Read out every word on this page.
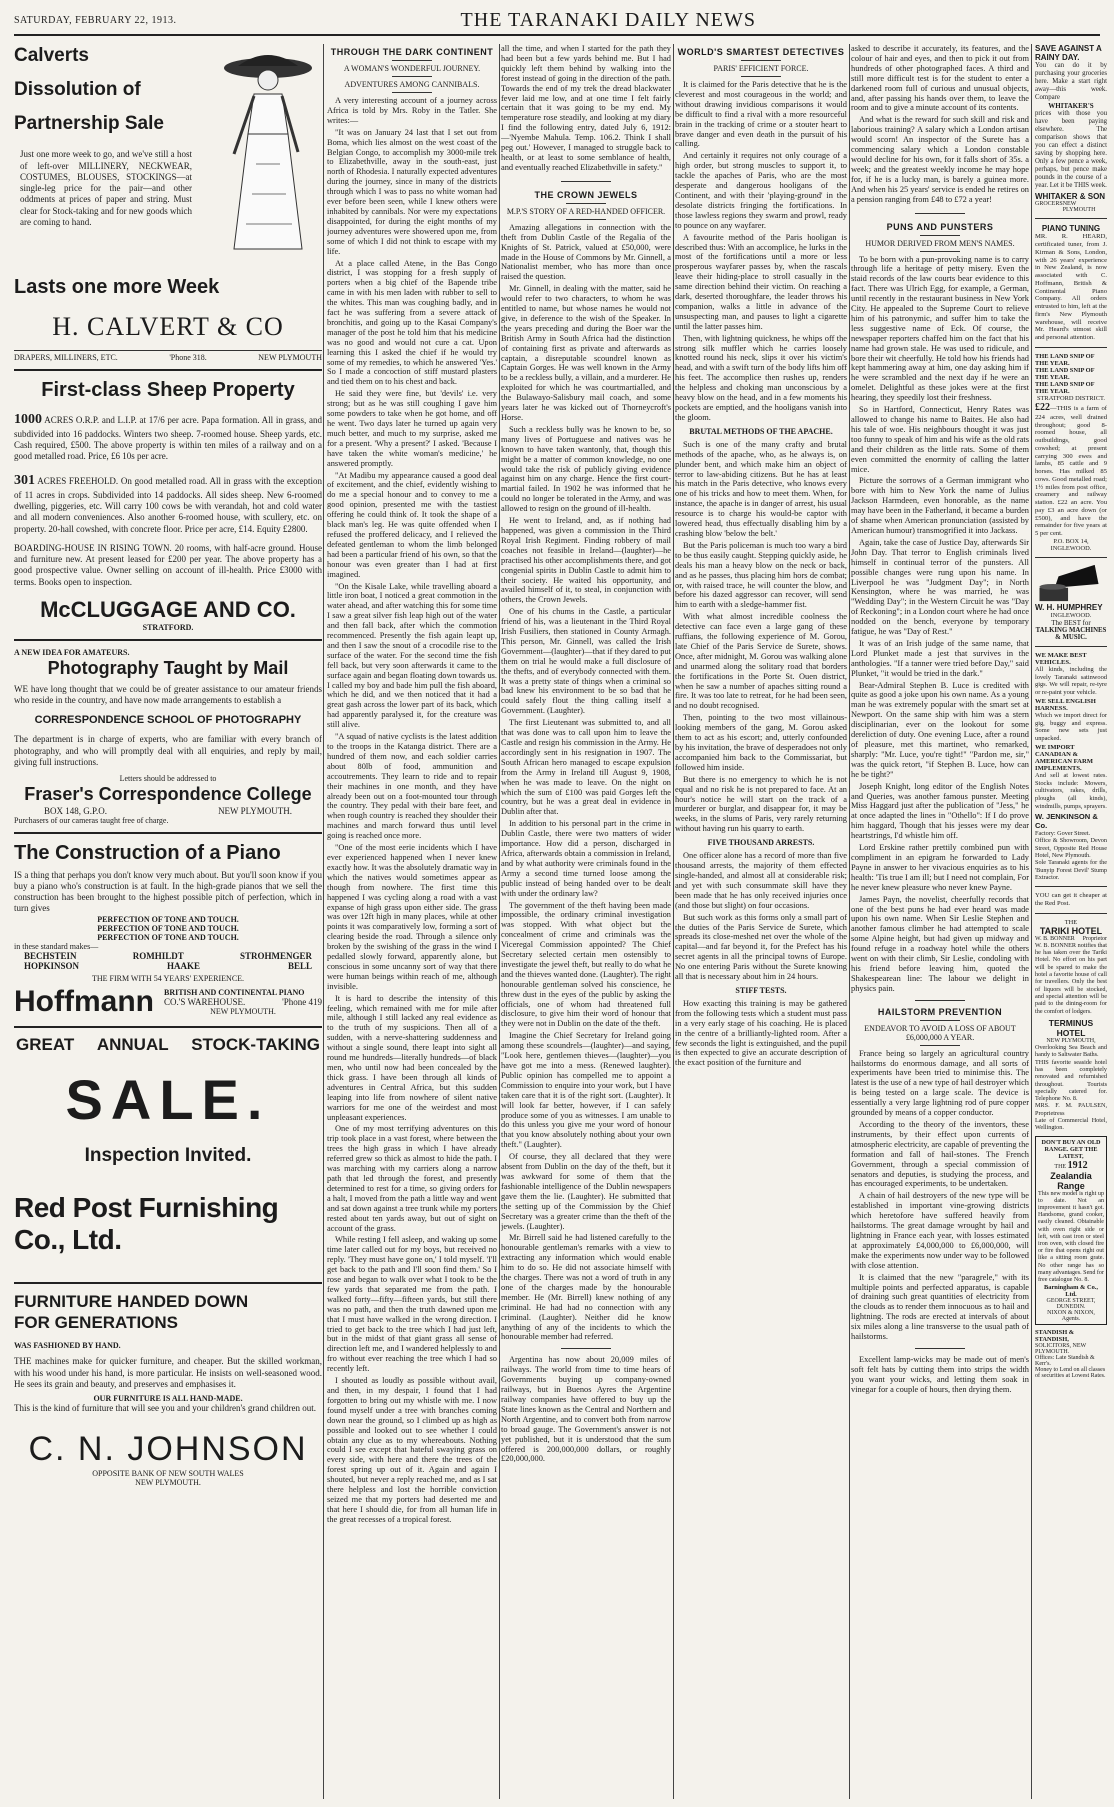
SATURDAY, FEBRUARY 22, 1913.	THE TARANAKI DAILY NEWS
Calverts
Dissolution of
Partnership Sale
Just one more week to go, and we've still a host of left-over MILLINERY, NECKWEAR, COSTUMES, BLOUSES, STOCKINGS—at single-leg price for the pair—and other oddments at prices of paper and string. Must clear for Stock-taking and for new goods which are coming to hand.
Lasts one more Week
H. CALVERT & CO
DRAPERS, MILLINERS, ETC.	'Phone 318.	NEW PLYMOUTH
First-class Sheep Property
1000 ACRES O.R.P. and L.I.P. at 17/6 per acre. Papa formation. All in grass, and subdivided into 16 paddocks. Winters two sheep. 7-roomed house. Sheep yards, etc. Cash required, £500. The above property is within ten miles of a railway and on a good metalled road. Price, £6 10s per acre.
301 ACRES FREEHOLD. On good metalled road. All in grass with the exception of 11 acres in crops. Subdivided into 14 paddocks. All sides sheep. New 6-roomed dwelling, piggeries, etc. Will carry 100 cows be with verandah, hot and cold water and all modern conveniences. Also another 6-roomed house, with scullery, etc. on property. 20-hall cowshed, with concrete floor. Price per acre, £14. Equity £2800.
BOARDING-HOUSE IN RISING TOWN. 20 rooms, with half-acre ground. House and furniture new. At present leased for £200 per year. The above property has a good prospective value. Owner selling on account of ill-health. Price £3000 with terms. Books open to inspection.
McCLUGGAGE AND CO.
STRATFORD.
A NEW IDEA FOR AMATEURS.
Photography Taught by Mail
WE have long thought that we could be of greater assistance to our amateur friends who reside in the country, and have now made arrangements to establish a
CORRESPONDENCE SCHOOL OF PHOTOGRAPHY
The department is in charge of experts, who are familiar with every branch of photography, and who will promptly deal with all enquiries, and reply by mail, giving full instructions.
Letters should be addressed to
Fraser's Correspondence College
BOX 148, G.P.O.	NEW PLYMOUTH.
Purchasers of our cameras taught free of charge.
The Construction of a Piano
IS a thing that perhaps you don't know very much about. But you'll soon know if you buy a piano who's construction is at fault. In the high-grade pianos that we sell the construction has been brought to the highest possible pitch of perfection, which in turn gives
PERFECTION OF TONE AND TOUCH.
PERFECTION OF TONE AND TOUCH.
PERFECTION OF TONE AND TOUCH.
in these standard makes—
BECHSTEIN	ROMHILDT	STROHMENGER
HOPKINSON	HAAKE	BELL
THE FIRM WITH 54 YEARS' EXPERIENCE.
Hoffmann BRITISH AND CONTINENTAL PIANO
CO.'S WAREHOUSE.	'Phone 419
NEW PLYMOUTH.
GREAT ANNUAL STOCK-TAKING
SALE.
Inspection Invited.
Red Post Furnishing Co., Ltd.
FURNITURE HANDED DOWN
FOR GENERATIONS
WAS FASHIONED BY HAND.
THE machines make for quicker furniture, and cheaper. But the skilled workman, with his wood under his hand, is more particular. He insists on well-seasoned wood. He sees its grain and beauty, and preserves and emphasises it.
OUR FURNITURE IS ALL HAND-MADE.
This is the kind of furniture that will see you and your children's grand children out.
C. N. JOHNSON
OPPOSITE BANK OF NEW SOUTH WALES
NEW PLYMOUTH.
THROUGH THE DARK CONTINENT
A WOMAN'S WONDERFUL JOURNEY.
ADVENTURES AMONG CANNIBALS.

A very interesting account of a journey across Africa is told by Mrs. Roby in the Tatler. She writes:—

"It was on January 24 last that I set out from Boma, which lies almost on the west coast of the Belgian Congo, to accomplish my 3000-mile trek to Elizabethville, away in the south-east, just north of Rhodesia. I naturally expected adventures during the journey, since in many of the districts through which I was to pass no white woman had ever before been seen, while I knew others were inhabited by cannibals. Nor were my expectations disappointed, for during the eight months of my journey adventures were showered upon me, from some of which I did not think to escape with my life.

At a place called Atene, in the Bas Congo district, I was stopping for a fresh supply of porters when a big chief of the Bapende tribe came in with his men laden with rubber to sell to the whites. This man was coughing badly, and in fact he was suffering from a severe attack of bronchitis, and going up to the Kasai Company's manager of the post he told him that his medicine was no good and would not cure a cat. Upon learning this I asked the chief if he would try some of my remedies, to which he answered 'Yes.' So I made a concoction of stiff mustard plasters and tied them on to his chest and back.

He said they were fine, but 'devils' i.e. very strong; but as he was still coughing I gave him some powders to take when he got home, and off he went. Two days later he turned up again very much better, and much to my surprise, asked me for a present. 'Why a present?' I asked. 'Because I have taken the white woman's medicine,' he answered promptly.

"At Madibu my appearance caused a good deal of excitement, and the chief, evidently wishing to do me a special honour and to convey to me a good opinion, presented me with the tastiest offering he could think of. It took the shape of a black man's leg. He was quite offended when I refused the proffered delicacy, and I relieved the defeated gentleman to whom the limb belonged had been a particular friend of his own, so that the honour was even greater than I had at first imagined.

"On the Kisale Lake, while travelling aboard a little iron boat, I noticed a great commotion in the water ahead, and after watching this for some time I saw a great silver fish leap high out of the water and then fall back, after which the commotion recommenced. Presently the fish again leapt up, and then I saw the snout of a crocodile rise to the surface of the water. For the second time the fish fell back, but very soon afterwards it came to the surface again and began floating down towards us. I called my boy and bade him pull the fish aboard, which he did, and we then noticed that it had a great gash across the lower part of its back, which had apparently paralysed it, for the creature was still alive.

"A squad of native cyclists is the latest addition to the troops in the Katanga district. There are a hundred of them now, and each soldier carries about 80lb of food, ammunition and accoutrements. They learn to ride and to repair their machines in one month, and they have already been out on a foot-mounted tour through the country. They pedal with their bare feet, and when rough country is reached they shoulder their machines and march forward thus until level going is reached once more.

"One of the most eerie incidents which I have ever experienced happened when I never knew exactly how. It was the absolutely dramatic way in which the natives would sometimes appear as though from nowhere. The first time this happened I was cycling along a road with a vast expanse of high grass upon either side. The grass was over 12ft high in many places, while at other points it was comparatively low, forming a sort of clearing beside the road. Through a silence only broken by the swishing of the grass in the wind I pedalled slowly forward, apparently alone, but conscious in some uncanny sort of way that there were human beings within reach of me, although invisible.

It is hard to describe the intensity of this feeling, which remained with me for mile after mile, although I still lacked any real evidence as to the truth of my suspicions. Then all of a sudden, with a nerve-shattering suddenness and without a single sound, there leapt into sight all round me hundreds—literally hundreds—of black men, who until now had been concealed by the thick grass. I have been through all kinds of adventures in Central Africa, but this sudden leaping into life from nowhere of silent native warriors for me one of the weirdest and most unpleasant experiences.

One of my most terrifying adventures on this trip took place in a vast forest, where between the trees the high grass in which I have already referred grew so thick as almost to hide the path. I was marching with my carriers along a narrow path that led through the forest, and presently determined to rest for a time, so giving orders for a halt, I moved from the path a little way and went and sat down against a tree trunk while my porters rested about ten yards away, but out of sight on account of the grass.

While resting I fell asleep, and waking up some time later called out for my boys, but received no reply. 'They must have gone on,' I told myself. 'I'll get back to the path and I'll soon find them.' So I rose and began to walk over what I took to be the few yards that separated me from the path. I walked forty—fifty—fifteen yards, but still there was no path, and then the truth dawned upon me that I must have walked in the wrong direction. I tried to get back to the tree which I had just left, but in the midst of that giant grass all sense of direction left me, and I wandered helplessly to and fro without ever reaching the tree which I had so recently left.

I shouted as loudly as possible without avail, and then, in my despair, I found that I had forgotten to bring out my whistle with me. I now found myself under a tree with branches coming down near the ground, so I climbed up as high as possible and looked out to see whether I could obtain any clue as to my whereabouts. Nothing could I see except that hateful swaying grass on every side, with here and there the trees of the forest spring up out of it. Again and again I shouted, but never a reply reached me, and as I sat there helpless and lost the horrible conviction seized me that my porters had deserted me and that here I should die, for from all human life in the great recesses of a tropical forest.

all the time, and when I started for the path they had been but a few yards behind me. But I had quickly left them behind by walking into the forest instead of going in the direction of the path. Towards the end of my trek the dread blackwater fever laid me low, and at one time I felt fairly certain that it was going to be my end. My temperature rose steadily, and looking at my diary I find the following entry, dated July 6, 1912:—'Nyembe Mahula. Temp. 106.2. Think I shall peg out.' However, I managed to struggle back to health, or at least to some semblance of health, and eventually reached Elizabethville in safety."

THE CROWN JEWELS
M.P.'S STORY OF A RED-HANDED OFFICER.

Amazing allegations in connection with the theft from Dublin Castle of the Regalia of the Knights of St. Patrick, valued at £50,000, were made in the House of Commons by Mr. Ginnell, a Nationalist member, who has more than once raised the question.

Mr. Ginnell, in dealing with the matter, said he would refer to two characters, to whom he was entitled to name, but whose names he would not give, in deference to the wish of the Speaker. In the years preceding and during the Boer war the British Army in South Africa had the distinction of containing first as private and afterwards as captain, a disreputable scoundrel known as Captain Gorges. He was well known in the Army to be a reckless bully, a villain, and a murderer. He exploited for which he was courtmartialled, and the Bulawayo-Salisbury mail coach, and some years later he was kicked out of Thorneycroft's Horse.

Such a reckless bully was he known to be, so many lives of Portuguese and natives was he known to have taken wantonly, that, though this might be a matter of common knowledge, no one would take the risk of publicly giving evidence against him on any charge. Hence the first court-martial failed. In 1902 he was informed that he could no longer be tolerated in the Army, and was allowed to resign on the ground of ill-health.

He went to Ireland, and, as if nothing had happened, was given a commission in the Third Royal Irish Regiment. Finding robbery of mail coaches not feasible in Ireland—(laughter)—he practised his other accomplishments there, and got congenial spirits in Dublin Castle to admit him to their society. He waited his opportunity, and availed himself of it, to steal, in conjunction with others, the Crown Jewels.

One of his chums in the Castle, a particular friend of his, was a lieutenant in the Third Royal Irish Fusiliers, then stationed in County Armagh. This person, Mr. Ginnell, was called the Irish Government—(laughter)—that if they dared to put them on trial he would make a full disclosure of the thefts, and of everybody connected with them. It was a pretty state of things when a criminal so bad knew his environment to be so bad that he could safely flout the thing calling itself a Government. (Laughter).

The first Lieutenant was submitted to, and all that was done was to call upon him to leave the Castle and resign his commission in the Army. He accordingly sent in his resignation in 1907. The South African hero managed to escape expulsion from the Army in Ireland till August 9, 1908, when he was made to leave. On the night on which the sum of £100 was paid Gorges left the country, but he was a great deal in evidence in Dublin after that.

In addition to his personal part in the crime in Dublin Castle, there were two matters of wider importance. How did a person, discharged in Africa, afterwards obtain a commission in Ireland, and by what authority were criminals found in the Army a second time turned loose among the public instead of being handed over to be dealt with under the ordinary law?

The government of the theft having been made impossible, the ordinary criminal investigation was stopped. With what object but the concealment of crime and criminals was the Viceregal Commission appointed? The Chief Secretary selected certain men ostensibly to investigate the jewel theft, but really to do what he and the thieves wanted done. (Laughter). The right honourable gentleman solved his conscience, he threw dust in the eyes of the public by asking the officials, one of whom had threatened full disclosure, to give him their word of honour that they were not in Dublin on the date of the theft.

Imagine the Chief Secretary for Ireland going among these scoundrels—(laughter)—and saying, "Look here, gentlemen thieves—(laughter)—you have got me into a mess. (Renewed laughter). Public opinion has compelled me to appoint a Commission to enquire into your work, but I have taken care that it is of the right sort. (Laughter). It will look far better, however, if I can safely produce some of you as witnesses. I am unable to do this unless you give me your word of honour that you know absolutely nothing about your own theft." (Laughter).

Of course, they all declared that they were absent from Dublin on the day of the theft, but it was awkward for some of them that the fashionable intelligence of the Dublin newspapers gave them the lie. (Laughter). He submitted that the setting up of the Commission by the Chief Secretary was a greater crime than the theft of the jewels. (Laughter).

Mr. Birrell said he had listened carefully to the honourable gentleman's remarks with a view to extracting any information which would enable him to do so. He did not associate himself with the charges. There was not a word of truth in any one of the charges made by the honourable member. He (Mr. Birrell) knew nothing of any criminal. He had had no connection with any criminal. (Laughter). Neither did he know anything of any of the incidents to which the honourable member had referred.

Argentina has now about 20,009 miles of railways. The world from time to time hears of Governments buying up company-owned railways, but in Buenos Ayres the Argentine railway companies have offered to buy up the State lines known as the Central and Northern and North Argentine, and to convert both from narrow to broad gauge. The Government's answer is not yet published, but it is understood that the sum offered is 200,000,000 dollars, or roughly £20,000,000.

WORLD'S SMARTEST DETECTIVES
PARIS' EFFICIENT FORCE.

It is claimed for the Paris detective that he is the cleverest and most courageous in the world; and without drawing invidious comparisons it would be difficult to find a rival with a more resourceful brain in the tracking of crime or a stouter heart to brave danger and even death in the pursuit of his calling.

And certainly it requires not only courage of a high order, but strong muscles to support it, to tackle the apaches of Paris, who are the most desperate and dangerous hooligans of the Continent, and with their 'playing-ground' in the desolate districts fringing the fortifications. In those lawless regions they swarm and prowl, ready to pounce on any wayfarer.

A favourite method of the Paris hooligan is described thus: With an accomplice, he lurks in the most of the fortifications until a more or less prosperous wayfarer passes by, when the rascals leave their hiding-place to stroll casually in the same direction behind their victim. On reaching a dark, deserted thoroughfare, the leader throws his companion, walks a little in advance of the unsuspecting man, and pauses to light a cigarette until the latter passes him.

Then, with lightning quickness, he whips off the strong silk muffler which he carries loosely knotted round his neck, slips it over his victim's head, and with a swift turn of the body lifts him off his feet. The accomplice then rushes up, renders the helpless and choking man unconscious by a heavy blow on the head, and in a few moments his pockets are emptied, and the hooligans vanish into the gloom.

BRUTAL METHODS OF THE APACHE.

Such is one of the many crafty and brutal methods of the apache, who, as he always is, on plunder bent, and which make him an object of terror to law-abiding citizens. But he has at least his match in the Paris detective, who knows every one of his tricks and how to meet them. When, for instance, the apache is in danger of arrest, his usual resource is to charge his would-be captor with lowered head, thus effectually disabling him by a crashing blow 'below the belt.'

But the Paris policeman is much too wary a bird to be thus easily caught. Stepping quickly aside, he deals his man a heavy blow on the neck or back, and as he passes, thus placing him hors de combat; or, with raised trace, he will counter the blow, and before his dazed aggressor can recover, will send him to earth with a sledge-hammer fist.

With what almost incredible coolness the detective can face even a large gang of these ruffians, the following experience of M. Gorou, late Chief of the Paris Service de Surete, shows. Once, after midnight, M. Gorou was walking alone and unarmed along the solitary road that borders the fortifications in the Porte St. Ouen district, when he saw a number of apaches sitting round a fire. It was too late to retreat, for he had been seen, and no doubt recognised.

Then, pointing to the two most villainous-looking members of the gang, M. Gorou asked them to act as his escort; and, utterly confounded by his invitation, the brave of desperadoes not only accompanied him back to the Commissariat, but followed him inside.

But there is no emergency to which he is not equal and no risk he is not prepared to face. At an hour's notice he will start on the track of a murderer or burglar, and disappear for, it may be weeks, in the slums of Paris, very rarely returning without having run his quarry to earth.

FIVE THOUSAND ARRESTS.

One officer alone has a record of more than five thousand arrests, the majority of them effected single-handed, and almost all at considerable risk; and yet with such consummate skill have they been made that he has only received injuries once (and those but slight) on four occasions.

But such work as this forms only a small part of the duties of the Paris Service de Surete, which spreads its close-meshed net over the whole of the capital—and far beyond it, for the Prefect has his secret agents in all the principal towns of Europe. No one entering Paris without the Surete knowing all that is necessary about him in 24 hours.

STIFF TESTS.

How exacting this training is may be gathered from the following tests which a student must pass in a very early stage of his coaching. He is placed in the centre of a brilliantly-lighted room. After a few seconds the light is extinguished, and the pupil is then expected to give an accurate description of the exact position of the furniture and

asked to describe it accurately, its features, and the colour of hair and eyes, and then to pick it out from hundreds of other photographed faces. A third and still more difficult test is for the student to enter a darkened room full of curious and unusual objects, and, after passing his hands over them, to leave the room and to give a minute account of its contents.

And what is the reward for such skill and risk and laborious training? A salary which a London artisan would scorn! An inspector of the Surete has a commencing salary which a London constable would decline for his own, for it falls short of 35s. a week; and the greatest weekly income he may hope for, if he is a lucky man, is barely a guinea more. And when his 25 years' service is ended he retires on a pension ranging from £48 to £72 a year!

PUNS AND PUNSTERS
HUMOR DERIVED FROM MEN'S NAMES.

To be born with a pun-provoking name is to carry through life a heritage of petty misery. Even the staid records of the law courts bear evidence to this fact. There was Ulrich Egg, for example, a German, until recently in the restaurant business in New York City. He appealed to the Supreme Court to relieve him of his patronymic, and suffer him to take the less suggestive name of Eck. Of course, the newspaper reporters chaffed him on the fact that his name had grown stale. He was used to ridicule, and bore their wit cheerfully. He told how his friends had kept hammering away at him, one day asking him if he were scrambled and the next day if he were an omelet. Delightful as these jokes were at the first hearing, they speedily lost their freshness.

So in Hartford, Connecticut, Henry Rates was allowed to change his name to Baites. He also had his tale of woe. His neighbours thought it was just too funny to speak of him and his wife as the old rats and their children as the little rats. Some of them even committed the enormity of calling the latter mice.

Picture the sorrows of a German immigrant who bore with him to New York the name of Julius Jackson Harmdeen, even honorable, as the name may have been in the Fatherland, it became a burden of shame when American pronunciation (assisted by American humour) transmogrified it into Jackass.

Again, take the case of Justice Day, afterwards Sir John Day. That terror to English criminals lived himself in continual terror of the punsters. All possible changes were rung upon his name. In Liverpool he was "Judgment Day"; in North Kensington, where he was married, he was "Wedding Day"; in the Western Circuit he was "Day of Reckoning"; in a London court where he had once nodded on the bench, everyone by temporary fatigue, he was "Day of Rest."

It was of an Irish judge of the same name, that Lord Plunket made a jest that survives in the anthologies. "If a tanner were tried before Day," said Plunket, "it would be tried in the dark."

Bear-Admiral Stephen B. Luce is credited with quite as good a joke upon his own name. As a young man he was extremely popular with the smart set at Newport. On the same ship with him was a stern disciplinarian, ever on the lookout for some dereliction of duty. One evening Luce, after a round of pleasure, met this martinet, who remarked, sharply: "Mr. Luce, you're tight!" "Pardon me, sir," was the quick retort, "if Stephen B. Luce, how can he be tight?"

Joseph Knight, long editor of the English Notes and Queries, was another famous punster. Meeting Miss Haggard just after the publication of "Jess," he at once adapted the lines in "Othello": If I do prove him haggard, Though that his jesses were my dear heartstrings, I'd whistle him off.

Lord Erskine rather prettily combined pun with compliment in an epigram he forwarded to Lady Payne in answer to her vivacious enquiries as to his health: 'Tis true I am ill; but I need not complain, For he never knew pleasure who never knew Payne.

James Payn, the novelist, cheerfully records that one of the best puns he had ever heard was made upon his own name. When Sir Leslie Stephen and another famous climber he had attempted to scale some Alpine height, but had given up midway and found refuge in a roadway hotel while the others went on with their climb, Sir Leslie, condoling with his friend before leaving him, quoted the Shakespearean line: The labour we delight in physics pain.

HAILSTORM PREVENTION
ENDEAVOR TO AVOID A LOSS OF ABOUT £6,000,000 A YEAR.

France being so largely an agricultural country hailstorms do enormous damage, and all sorts of experiments have been tried to minimise this. The latest is the use of a new type of hail destroyer which is being tested on a large scale. The device is essentially a very large lightning rod of pure copper grounded by means of a copper conductor.

According to the theory of the inventors, these instruments, by their effect upon currents of atmospheric electricity, are capable of preventing the formation and fall of hail-stones. The French Government, through a special commission of senators and deputies, is studying the process, and has encouraged experiments, to be undertaken.

A chain of hail destroyers of the new type will be established in important vine-growing districts which heretofore have suffered heavily from hailstorms. The great damage wrought by hail and lightning in France each year, with losses estimated at approximately £4,000,000 to £6,000,000, will make the experiments now under way to be followed with close attention.

It is claimed that the new "paragrele," with its multiple points and perfected apparatus, is capable of draining such great quantities of electricity from the clouds as to render them innocuous as to hail and lightning. The rods are erected at intervals of about six miles along a line transverse to the usual path of hailstorms.

Excellent lamp-wicks may be made out of men's soft felt hats by cutting them into strips the width you want your wicks, and letting them soak in vinegar for a couple of hours, then drying them.

SAVE AGAINST A RAINY DAY.
You can do it by purchasing your groceries here. Make a start right away—this week. Compare
WHITAKER'S
prices with those you have been paying elsewhere. The comparison shows that you can effect a distinct saving by shopping here. Only a few pence a week, perhaps, but pence make pounds in the course of a year. Let it be THIS week.
WHITAKER & SON
GROCERS NEW PLYMOUTH
PIANO TUNING
MR. R. HEARD, certificated tuner, from J. Kirman & Sons, London, with 26 years' experience in New Zealand, is now associated with C. Hoffmann, British & Continental Piano Company. All orders entrusted to him, left at the firm's New Plymouth warehouse, will receive Mr. Heard's utmost skill and personal attention.
THE LAND SNIP OF THE YEAR.
THE LAND SNIP OF THE YEAR.
THE LAND SNIP OF THE YEAR.
STRATFORD DISTRICT.
£22—THIS is a farm of 224 acres, well drained throughout; good 8-roomed house, all outbuildings, good cowshed; at present carrying 300 ewes and lambs, 85 cattle and 9 horses. Has milked 85 cows. Good metalled road; 1½ miles from post office, creamery and railway station. £22 an acre. You pay £3 an acre down (or £500), and have the remainder for five years at 5 per cent.
P.O. BOX 14,
INGLEWOOD.
W. H. HUMPHREY
INGLEWOOD.
The BEST for
TALKING MACHINES & MUSIC.
WE MAKE BEST VEHICLES.
All kinds, including the lovely Taranaki satinwood gigs. We will repair, re-tyre or re-paint your vehicle.
WE SELL ENGLISH HARNESS.
Which we import direct for gig, buggy and express. Some new sets just unpacked.
WE IMPORT CANADIAN & AMERICAN FARM IMPLEMENTS.
And sell at lowest rates. Stocks include: Mowers, cultivators, rakes, drills, ploughs (all kinds), windmills, pumps, sprayers.
W. JENKINSON & Co.
Factory: Gover Street.
Office & Showroom, Devon Street, Opposite Red House Hotel, New Plymouth.
Sole Taranaki agents for the 'Bunyip Forest Devil' Stump Extractor.
YOU can get it cheaper at the Red Post.
THE
TARIKI HOTEL
W. B. BONNER Proprietor
W. B. BONNER notifies that he has taken over the Tariki Hotel. No effort on his part will be spared to make the hotel a favorite house of call for travellers. Only the best of liquors will be stocked, and special attention will be paid to the dining-room for the comfort of lodgers.
TERMINUS HOTEL
NEW PLYMOUTH,
Overlooking Sea Beach and handy to Saltwater Baths.
THIS favorite seaside hotel has been completely renovated and refurnished throughout. Tourists specially catered for. Telephone No. 8.
MRS. F. M. PAULSEN, Proprietress
Late of Commercial Hotel, Wellington.
DON'T BUY AN OLD RANGE. GET THE LATEST,
THE 1912
Zealandia Range
This new model is right up to date. Not an improvement it hasn't got. Handsome, grand cooker, easily cleaned. Obtainable with oven right side or left, with cast iron or steel iron oven, with closed fire or fire that opens right out like a sitting room grate. No other range has so many advantages. Send for free catalogue No. 8.
Barningham & Co., Ltd.
GEORGE STREET, DUNEDIN.
NIXON & NIXON, Agents.
STANDISH & STANDISH,
SOLICITORS, NEW PLYMOUTH.
Offices: Late Standish & Kerr's.
Money to Lend on all classes of securities at Lowest Rates.
